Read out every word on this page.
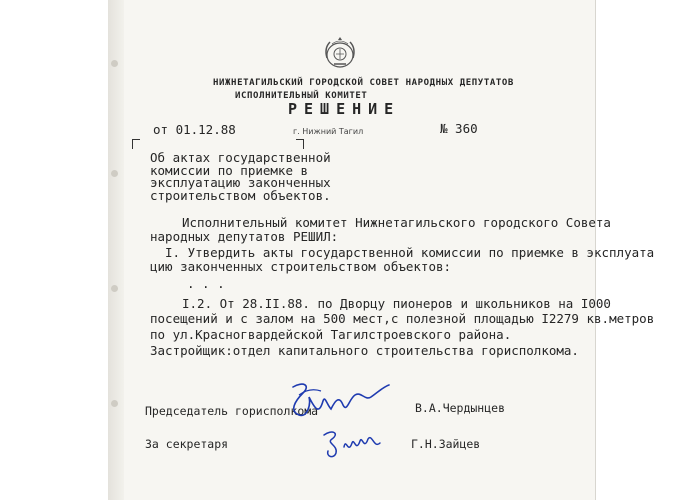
НИЖНЕТАГИЛЬСКИЙ ГОРОДСКОЙ СОВЕТ НАРОДНЫХ ДЕПУТАТОВ
ИСПОЛНИТЕЛЬНЫЙ КОМИТЕТ
РЕШЕНИЕ
от 01.12.88	г. Нижний Тагил	№ 360
Об актах государственной
комиссии по приемке в
эксплуатацию законченных
строительством объектов.
Исполнительный комитет Нижнетагильского городского Совета
народных депутатов РЕШИЛ:
I. Утвердить акты государственной комиссии по приемке в эксплуата
цию законченных строительством объектов:
. . .
I.2. От 28.II.88. по Дворцу пионеров и школьников на I000
посещений и с залом на 500 мест,с полезной площадью I2279 кв.метров
по ул.Красногвардейской Тагилстроевского района.
Застройщик:отдел капитального строительства горисполкома.
Председатель горисполкома	В.А.Чердынцев
За секретаря	Г.Н.Зайцев
